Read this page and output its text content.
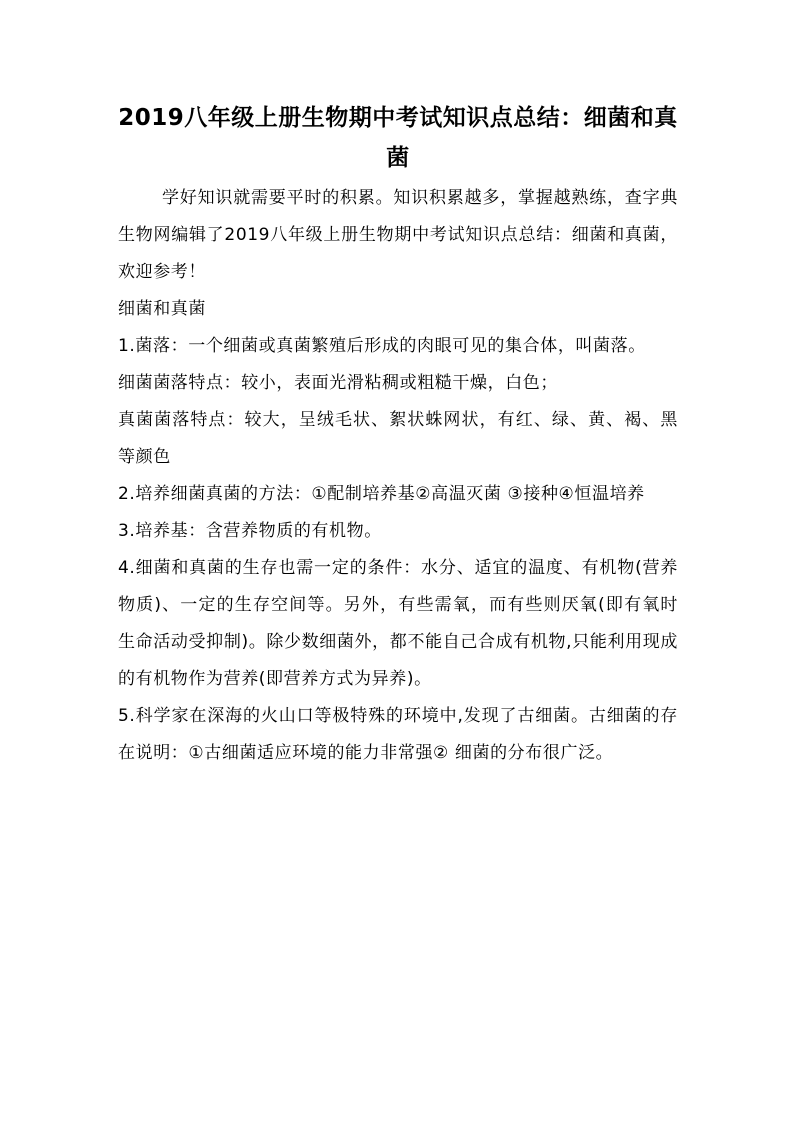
2019八年级上册生物期中考试知识点总结：细菌和真菌

学好知识就需要平时的积累。知识积累越多，掌握越熟练，查字典生物网编辑了2019八年级上册生物期中考试知识点总结：细菌和真菌，欢迎参考！

细菌和真菌

1.菌落：一个细菌或真菌繁殖后形成的肉眼可见的集合体，叫菌落。

细菌菌落特点：较小，表面光滑粘稠或粗糙干燥，白色；

真菌菌落特点：较大，呈绒毛状、絮状蛛网状，有红、绿、黄、褐、黑等颜色

2.培养细菌真菌的方法：①配制培养基②高温灭菌 ③接种④恒温培养

3.培养基：含营养物质的有机物。

4.细菌和真菌的生存也需一定的条件：水分、适宜的温度、有机物(营养物质)、一定的生存空间等。另外，有些需氧，而有些则厌氧(即有氧时生命活动受抑制)。除少数细菌外，都不能自己合成有机物,只能利用现成的有机物作为营养(即营养方式为异养)。

5.科学家在深海的火山口等极特殊的环境中,发现了古细菌。古细菌的存在说明：①古细菌适应环境的能力非常强② 细菌的分布很广泛。
